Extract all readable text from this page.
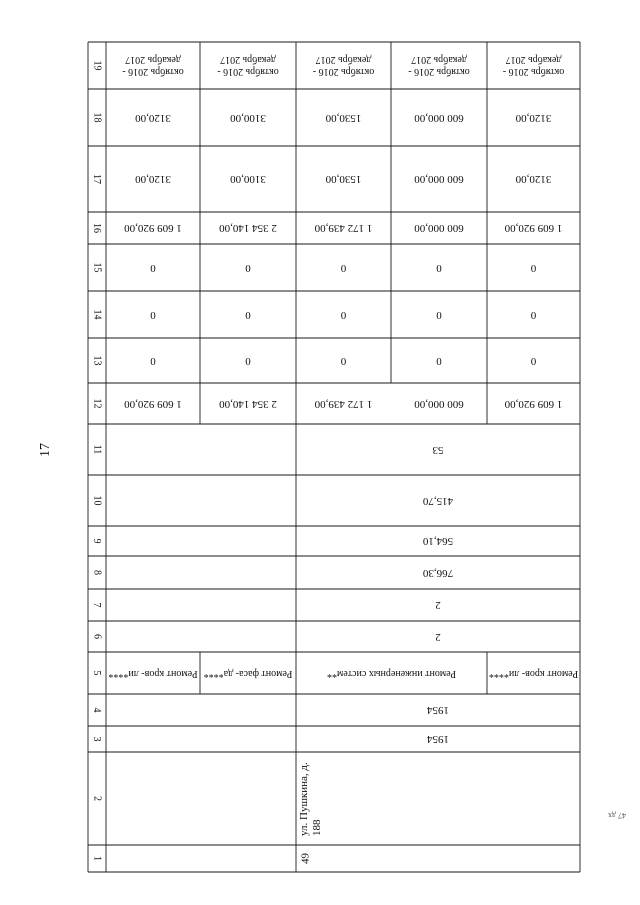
17
47 дх
19
18
17
16
15
14
13
12
11
10
9
8
7
6
5
4
3
2
1
1954
1954
2
2
766,30
564,10
415,70
53
49
ул. Пушкина, д. 188
Ремонт кров- ли****
1 609 920,00
0
0
0
1 609 920,00
3120,00
3120,00
октябрь 2016 - декабрь 2017
Ремонт инженерных систем**
600 000,00
0
0
0
600 000,00
600 000,00
600 000,00
октябрь 2016 - декабрь 2017
1 172 439,00
0
0
0
1 172 439,00
1530,00
1530,00
октябрь 2016 - декабрь 2017
Ремонт фаса- да****
2 354 140,00
0
0
0
2 354 140,00
3100,00
3100,00
октябрь 2016 - декабрь 2017
Ремонт кров- ли****
1 609 920,00
0
0
0
1 609 920,00
3120,00
3120,00
октябрь 2016 - декабрь 2017
